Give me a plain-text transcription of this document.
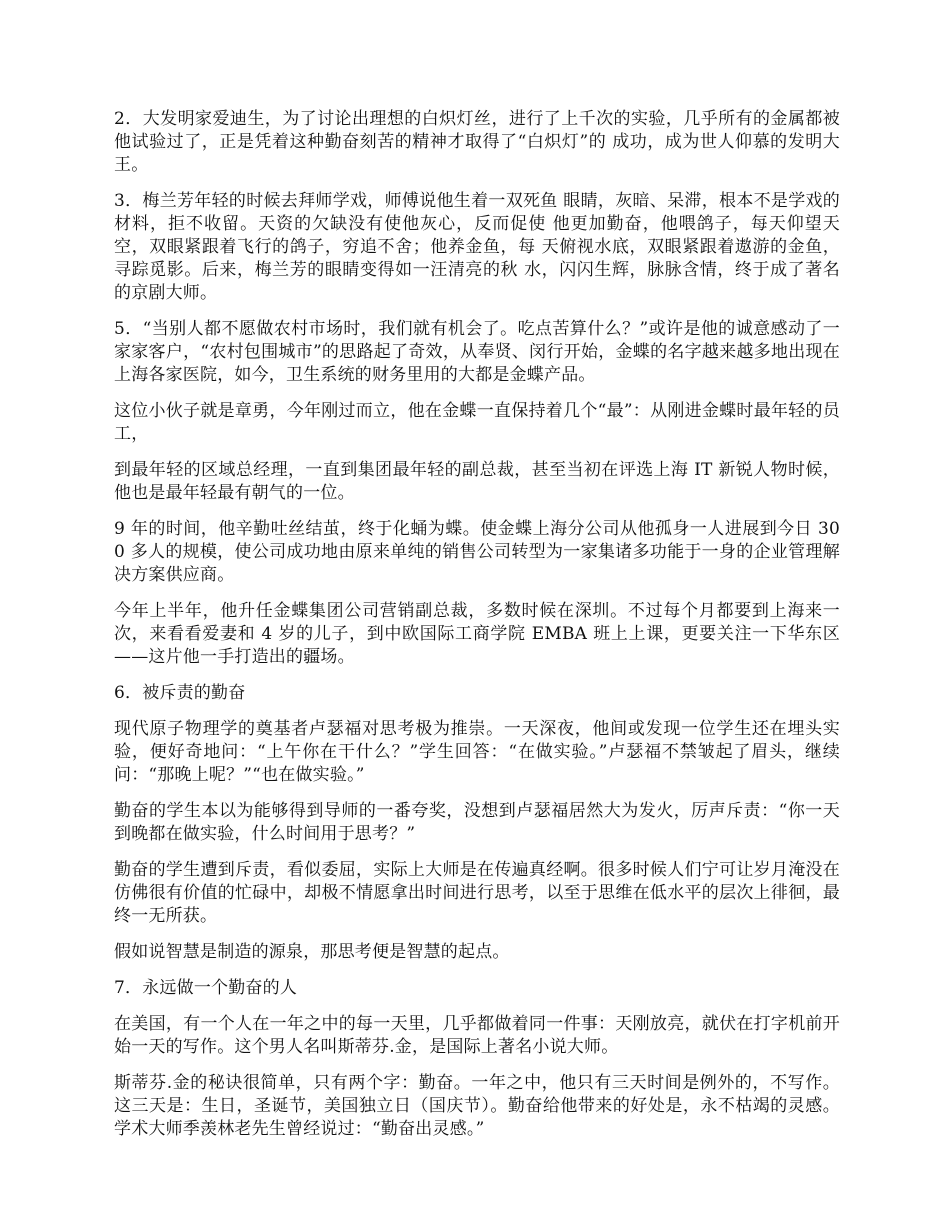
2．大发明家爱迪生，为了讨论出理想的白炽灯丝，进行了上千次的实验，几乎所有的金属都被 他试验过了，正是凭着这种勤奋刻苦的精神才取得了“白炽灯”的 成功，成为世人仰慕的发明大王。

3．梅兰芳年轻的时候去拜师学戏，师傅说他生着一双死鱼 眼睛，灰暗、呆滞，根本不是学戏的材料，拒不收留。天资的欠缺没有使他灰心，反而促使 他更加勤奋，他喂鸽子，每天仰望天空，双眼紧跟着飞行的鸽子，穷追不舍；他养金鱼，每 天俯视水底，双眼紧跟着遨游的金鱼，寻踪觅影。后来，梅兰芳的眼睛变得如一汪清亮的秋 水，闪闪生辉，脉脉含情，终于成了著名的京剧大师。

5．“当别人都不愿做农村市场时，我们就有机会了。吃点苦算什么？”或许是他的诚意感动了一家家客户，“农村包围城市”的思路起了奇效，从奉贤、闵行开始，金蝶的名字越来越多地出现在上海各家医院，如今，卫生系统的财务里用的大都是金蝶产品。

这位小伙子就是章勇，今年刚过而立，他在金蝶一直保持着几个“最”：从刚进金蝶时最年轻的员工，

到最年轻的区域总经理，一直到集团最年轻的副总裁，甚至当初在评选上海 IT 新锐人物时候，他也是最年轻最有朝气的一位。

9 年的时间，他辛勤吐丝结茧，终于化蛹为蝶。使金蝶上海分公司从他孤身一人进展到今日 300 多人的规模，使公司成功地由原来单纯的销售公司转型为一家集诸多功能于一身的企业管理解决方案供应商。

今年上半年，他升任金蝶集团公司营销副总裁，多数时候在深圳。不过每个月都要到上海来一次，来看看爱妻和 4 岁的儿子，到中欧国际工商学院 EMBA 班上上课，更要关注一下华东区——这片他一手打造出的疆场。

6．被斥责的勤奋

现代原子物理学的奠基者卢瑟福对思考极为推崇。一天深夜，他间或发现一位学生还在埋头实验，便好奇地问：“上午你在干什么？”学生回答：“在做实验。”卢瑟福不禁皱起了眉头，继续问：“那晚上呢？”“也在做实验。”

勤奋的学生本以为能够得到导师的一番夸奖，没想到卢瑟福居然大为发火，厉声斥责：“你一天到晚都在做实验，什么时间用于思考？”

勤奋的学生遭到斥责，看似委屈，实际上大师是在传遍真经啊。很多时候人们宁可让岁月淹没在仿佛很有价值的忙碌中，却极不情愿拿出时间进行思考，以至于思维在低水平的层次上徘徊，最终一无所获。

假如说智慧是制造的源泉，那思考便是智慧的起点。

7．永远做一个勤奋的人

在美国，有一个人在一年之中的每一天里，几乎都做着同一件事：天刚放亮，就伏在打字机前开始一天的写作。这个男人名叫斯蒂芬.金，是国际上著名小说大师。

斯蒂芬.金的秘诀很简单，只有两个字：勤奋。一年之中，他只有三天时间是例外的，不写作。这三天是：生日，圣诞节，美国独立日（国庆节）。勤奋给他带来的好处是，永不枯竭的灵感。学术大师季羡林老先生曾经说过：“勤奋出灵感。”
